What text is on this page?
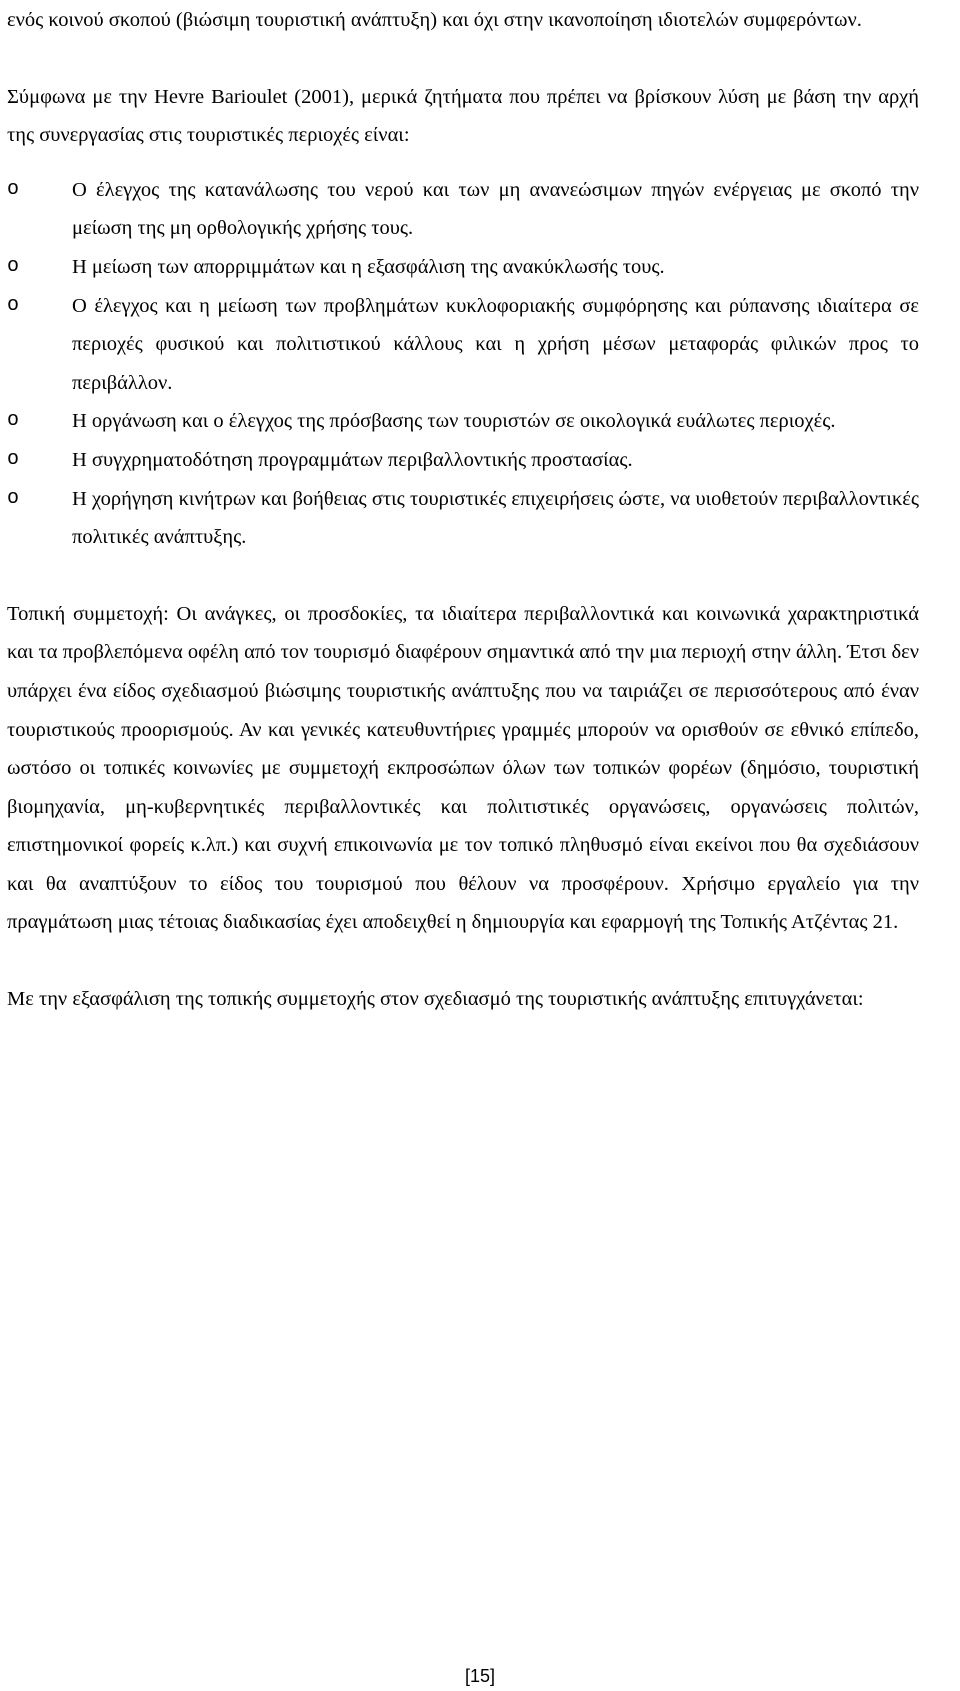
ενός κοινού σκοπού (βιώσιμη τουριστική ανάπτυξη) και όχι στην ικανοποίηση ιδιοτελών συμφερόντων.

Σύμφωνα με την Hevre Barioulet (2001), μερικά ζητήματα που πρέπει να βρίσκουν λύση με βάση την αρχή της συνεργασίας στις τουριστικές περιοχές είναι:

o	Ο έλεγχος της κατανάλωσης του νερού και των μη ανανεώσιμων πηγών ενέργειας με σκοπό την μείωση της μη ορθολογικής χρήσης τους.
o	Η μείωση των απορριμμάτων και η εξασφάλιση της ανακύκλωσής τους.
o	Ο έλεγχος και η μείωση των προβλημάτων κυκλοφοριακής συμφόρησης και ρύπανσης ιδιαίτερα σε περιοχές φυσικού και πολιτιστικού κάλλους και η χρήση μέσων μεταφοράς φιλικών προς το περιβάλλον.
o	Η οργάνωση και ο έλεγχος της πρόσβασης των τουριστών σε οικολογικά ευάλωτες περιοχές.
o	Η συγχρηματοδότηση προγραμμάτων περιβαλλοντικής προστασίας.
o	Η χορήγηση κινήτρων και βοήθειας στις τουριστικές επιχειρήσεις ώστε, να υιοθετούν περιβαλλοντικές πολιτικές ανάπτυξης.

Τοπική συμμετοχή: Οι ανάγκες, οι προσδοκίες, τα ιδιαίτερα περιβαλλοντικά και κοινωνικά χαρακτηριστικά και τα προβλεπόμενα οφέλη από τον τουρισμό διαφέρουν σημαντικά από την μια περιοχή στην άλλη. Έτσι δεν υπάρχει ένα είδος σχεδιασμού βιώσιμης τουριστικής ανάπτυξης που να ταιριάζει σε περισσότερους από έναν τουριστικούς προορισμούς. Αν και γενικές κατευθυντήριες γραμμές μπορούν να ορισθούν σε εθνικό επίπεδο, ωστόσο οι τοπικές κοινωνίες με συμμετοχή εκπροσώπων όλων των τοπικών φορέων (δημόσιο, τουριστική βιομηχανία, μη-κυβερνητικές περιβαλλοντικές και πολιτιστικές οργανώσεις, οργανώσεις πολιτών, επιστημονικοί φορείς κ.λπ.) και συχνή επικοινωνία με τον τοπικό πληθυσμό είναι εκείνοι που θα σχεδιάσουν και θα αναπτύξουν το είδος του τουρισμού που θέλουν να προσφέρουν. Χρήσιμο εργαλείο για την πραγμάτωση μιας τέτοιας διαδικασίας έχει αποδειχθεί η δημιουργία και εφαρμογή της Τοπικής Ατζέντας 21.

Με την εξασφάλιση της τοπικής συμμετοχής στον σχεδιασμό της τουριστικής ανάπτυξης επιτυγχάνεται:

[15]
